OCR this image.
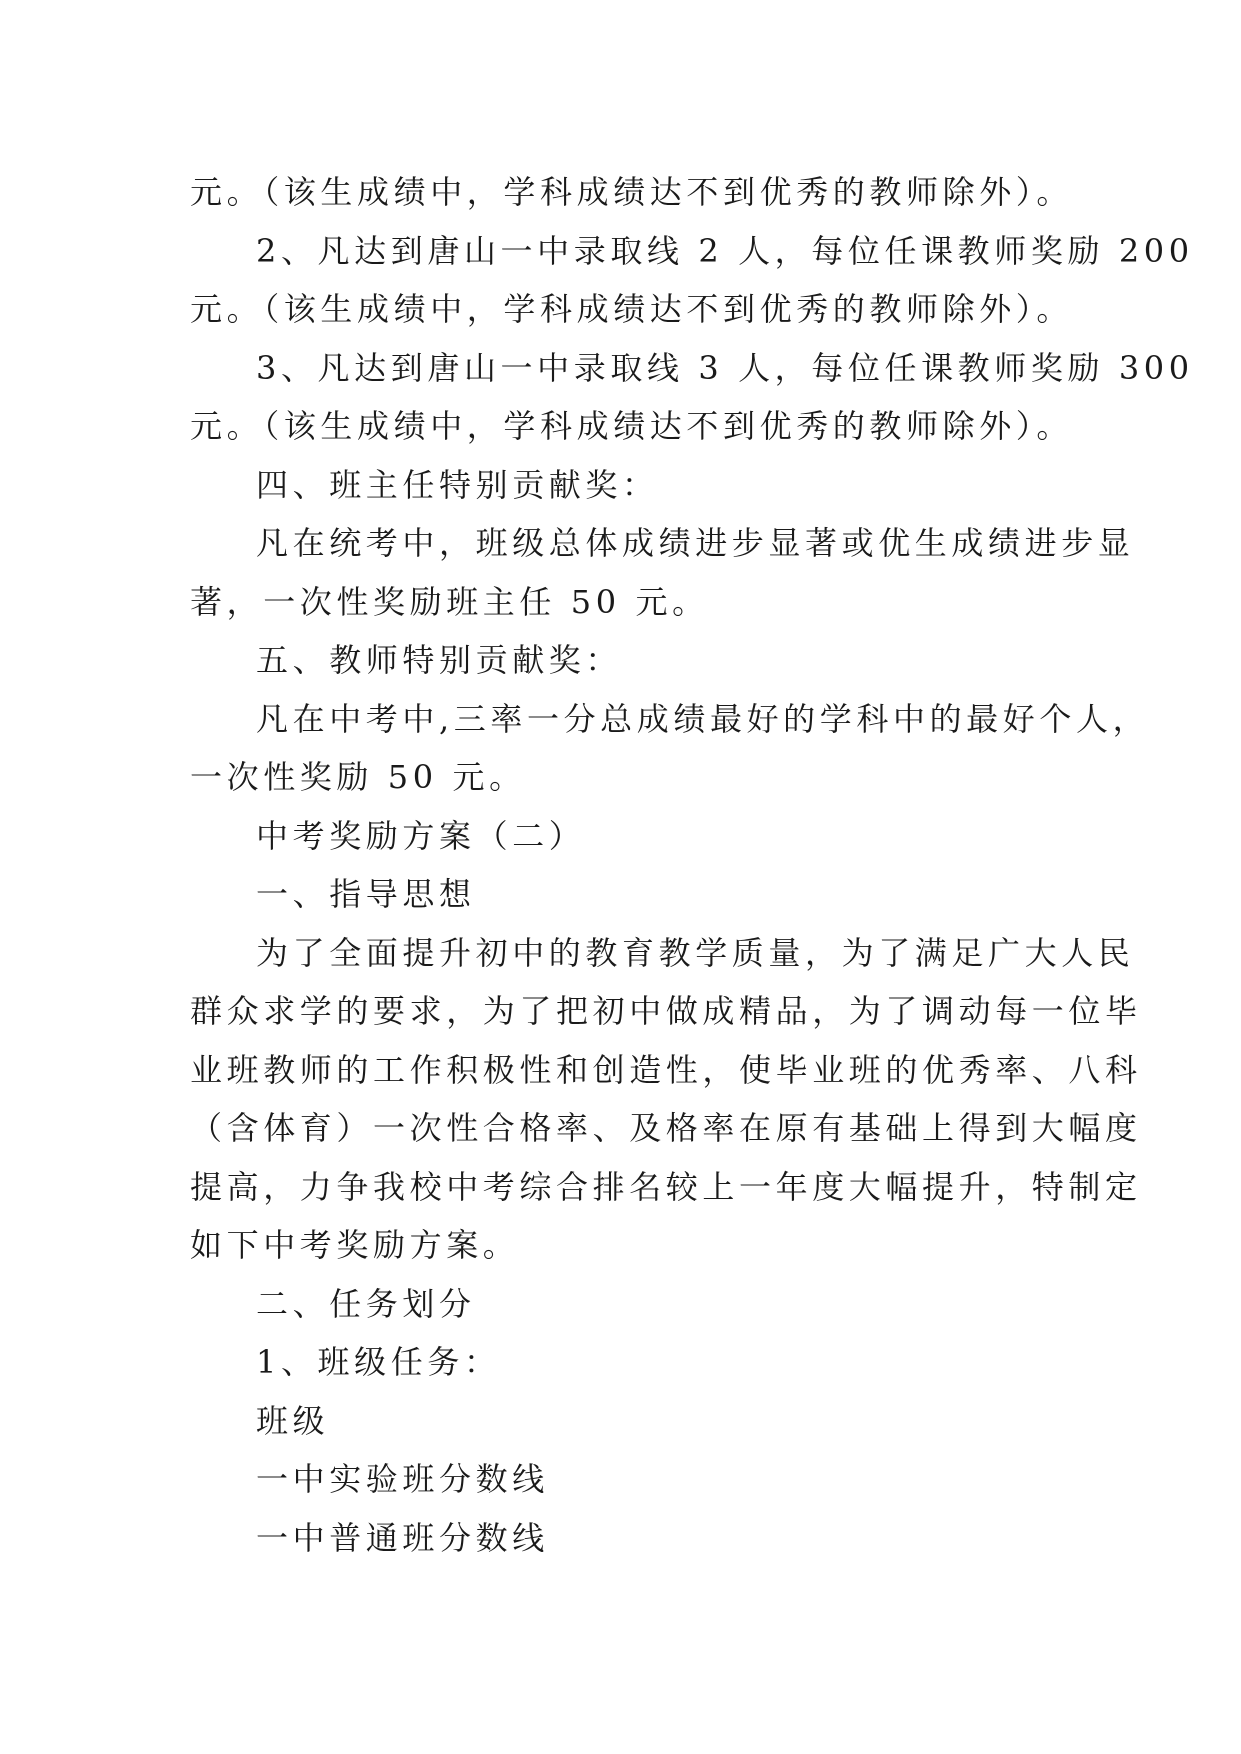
元。（该生成绩中，学科成绩达不到优秀的教师除外）。
2、凡达到唐山一中录取线 2 人，每位任课教师奖励 200
元。（该生成绩中，学科成绩达不到优秀的教师除外）。
3、凡达到唐山一中录取线 3 人，每位任课教师奖励 300
元。（该生成绩中，学科成绩达不到优秀的教师除外）。
四、班主任特别贡献奖：
凡在统考中，班级总体成绩进步显著或优生成绩进步显
著，一次性奖励班主任 50 元。
五、教师特别贡献奖：
凡在中考中,三率一分总成绩最好的学科中的最好个人，
一次性奖励 50 元。
中考奖励方案（二）
一、指导思想
为了全面提升初中的教育教学质量，为了满足广大人民
群众求学的要求，为了把初中做成精品，为了调动每一位毕
业班教师的工作积极性和创造性，使毕业班的优秀率、八科
（含体育）一次性合格率、及格率在原有基础上得到大幅度
提高，力争我校中考综合排名较上一年度大幅提升，特制定
如下中考奖励方案。
二、任务划分
1、班级任务：
班级
一中实验班分数线
一中普通班分数线
